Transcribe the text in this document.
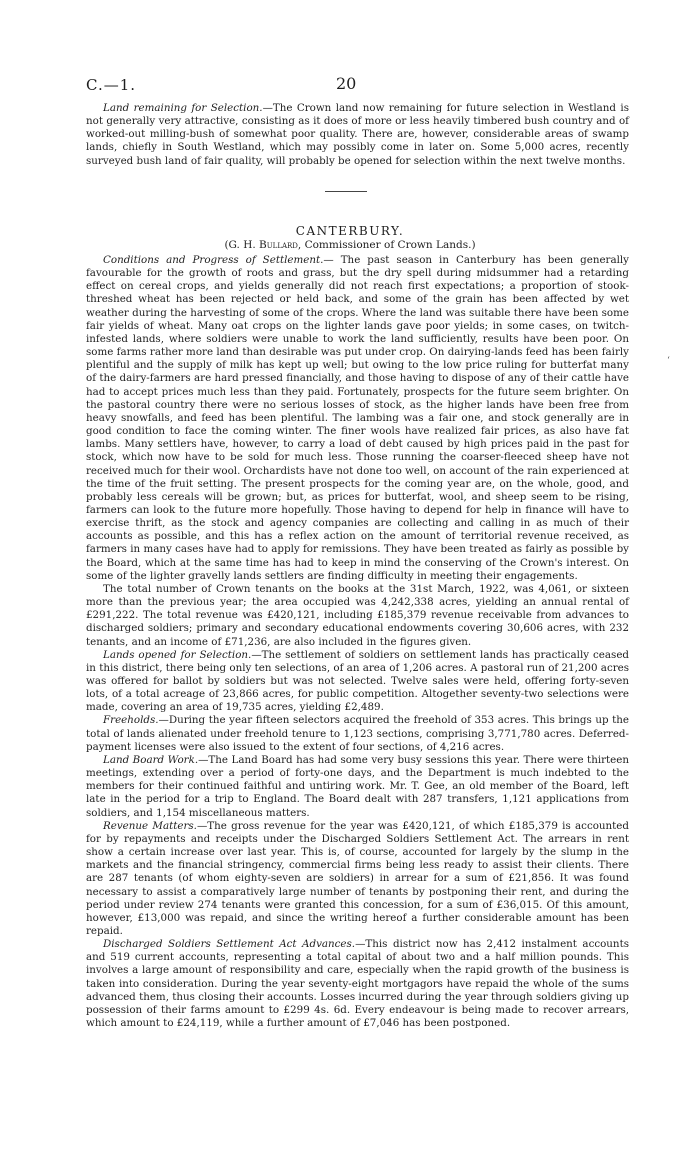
C.—1.	20

Land remaining for Selection.—The Crown land now remaining for future selection in Westland is not generally very attractive, consisting as it does of more or less heavily timbered bush country and of worked-out milling-bush of somewhat poor quality. There are, however, considerable areas of swamp lands, chiefly in South Westland, which may possibly come in later on. Some 5,000 acres, recently surveyed bush land of fair quality, will probably be opened for selection within the next twelve months.

CANTERBURY.
(G. H. Bullard, Commissioner of Crown Lands.)

Conditions and Progress of Settlement.— The past season in Canterbury has been generally favourable for the growth of roots and grass, but the dry spell during midsummer had a retarding effect on cereal crops, and yields generally did not reach first expectations; a proportion of stook-threshed wheat has been rejected or held back, and some of the grain has been affected by wet weather during the harvesting of some of the crops. Where the land was suitable there have been some fair yields of wheat. Many oat crops on the lighter lands gave poor yields; in some cases, on twitch-infested lands, where soldiers were unable to work the land sufficiently, results have been poor. On some farms rather more land than desirable was put under crop. On dairying-lands feed has been fairly plentiful and the supply of milk has kept up well; but owing to the low price ruling for butterfat many of the dairy-farmers are hard pressed financially, and those having to dispose of any of their cattle have had to accept prices much less than they paid. Fortunately, prospects for the future seem brighter. On the pastoral country there were no serious losses of stock, as the higher lands have been free from heavy snowfalls, and feed has been plentiful. The lambing was a fair one, and stock generally are in good condition to face the coming winter. The finer wools have realized fair prices, as also have fat lambs. Many settlers have, however, to carry a load of debt caused by high prices paid in the past for stock, which now have to be sold for much less. Those running the coarser-fleeced sheep have not received much for their wool. Orchardists have not done too well, on account of the rain experienced at the time of the fruit setting. The present prospects for the coming year are, on the whole, good, and probably less cereals will be grown; but, as prices for butterfat, wool, and sheep seem to be rising, farmers can look to the future more hopefully. Those having to depend for help in finance will have to exercise thrift, as the stock and agency companies are collecting and calling in as much of their accounts as possible, and this has a reflex action on the amount of territorial revenue received, as farmers in many cases have had to apply for remissions. They have been treated as fairly as possible by the Board, which at the same time has had to keep in mind the conserving of the Crown's interest. On some of the lighter gravelly lands settlers are finding difficulty in meeting their engagements.

The total number of Crown tenants on the books at the 31st March, 1922, was 4,061, or sixteen more than the previous year; the area occupied was 4,242,338 acres, yielding an annual rental of £291,222. The total revenue was £420,121, including £185,379 revenue receivable from advances to discharged soldiers; primary and secondary educational endowments covering 30,606 acres, with 232 tenants, and an income of £71,236, are also included in the figures given.

Lands opened for Selection.—The settlement of soldiers on settlement lands has practically ceased in this district, there being only ten selections, of an area of 1,206 acres. A pastoral run of 21,200 acres was offered for ballot by soldiers but was not selected. Twelve sales were held, offering forty-seven lots, of a total acreage of 23,866 acres, for public competition. Altogether seventy-two selections were made, covering an area of 19,735 acres, yielding £2,489.

Freeholds.—During the year fifteen selectors acquired the freehold of 353 acres. This brings up the total of lands alienated under freehold tenure to 1,123 sections, comprising 3,771,780 acres. Deferred-payment licenses were also issued to the extent of four sections, of 4,216 acres.

Land Board Work.—The Land Board has had some very busy sessions this year. There were thirteen meetings, extending over a period of forty-one days, and the Department is much indebted to the members for their continued faithful and untiring work. Mr. T. Gee, an old member of the Board, left late in the period for a trip to England. The Board dealt with 287 transfers, 1,121 applications from soldiers, and 1,154 miscellaneous matters.

Revenue Matters.—The gross revenue for the year was £420,121, of which £185,379 is accounted for by repayments and receipts under the Discharged Soldiers Settlement Act. The arrears in rent show a certain increase over last year. This is, of course, accounted for largely by the slump in the markets and the financial stringency, commercial firms being less ready to assist their clients. There are 287 tenants (of whom eighty-seven are soldiers) in arrear for a sum of £21,856. It was found necessary to assist a comparatively large number of tenants by postponing their rent, and during the period under review 274 tenants were granted this concession, for a sum of £36,015. Of this amount, however, £13,000 was repaid, and since the writing hereof a further considerable amount has been repaid.

Discharged Soldiers Settlement Act Advances.—This district now has 2,412 instalment accounts and 519 current accounts, representing a total capital of about two and a half million pounds. This involves a large amount of responsibility and care, especially when the rapid growth of the business is taken into consideration. During the year seventy-eight mortgagors have repaid the whole of the sums advanced them, thus closing their accounts. Losses incurred during the year through soldiers giving up possession of their farms amount to £299 4s. 6d. Every endeavour is being made to recover arrears, which amount to £24,119, while a further amount of £7,046 has been postponed.

ʻ
